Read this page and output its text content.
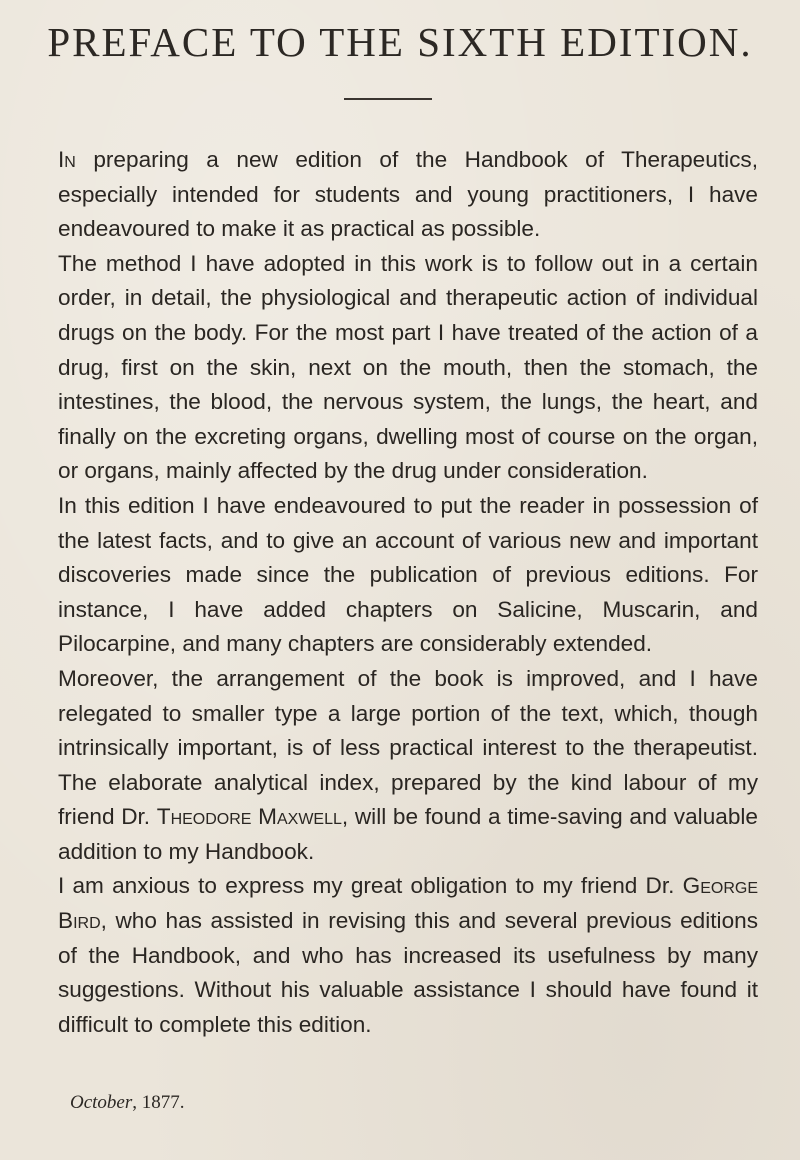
PREFACE TO THE SIXTH EDITION.

In preparing a new edition of the Handbook of Therapeutics, especially intended for students and young practitioners, I have endeavoured to make it as practical as possible.

The method I have adopted in this work is to follow out in a certain order, in detail, the physiological and therapeutic action of individual drugs on the body. For the most part I have treated of the action of a drug, first on the skin, next on the mouth, then the stomach, the intestines, the blood, the nervous system, the lungs, the heart, and finally on the excreting organs, dwelling most of course on the organ, or organs, mainly affected by the drug under consideration.

In this edition I have endeavoured to put the reader in possession of the latest facts, and to give an account of various new and important discoveries made since the publication of previous editions. For instance, I have added chapters on Salicine, Muscarin, and Pilocarpine, and many chapters are considerably extended.

Moreover, the arrangement of the book is improved, and I have relegated to smaller type a large portion of the text, which, though intrinsically important, is of less practical interest to the therapeutist. The elaborate analytical index, prepared by the kind labour of my friend Dr. Theodore Maxwell, will be found a time-saving and valuable addition to my Handbook.

I am anxious to express my great obligation to my friend Dr. George Bird, who has assisted in revising this and several previous editions of the Handbook, and who has increased its usefulness by many suggestions. Without his valuable assistance I should have found it difficult to complete this edition.

October, 1877.
